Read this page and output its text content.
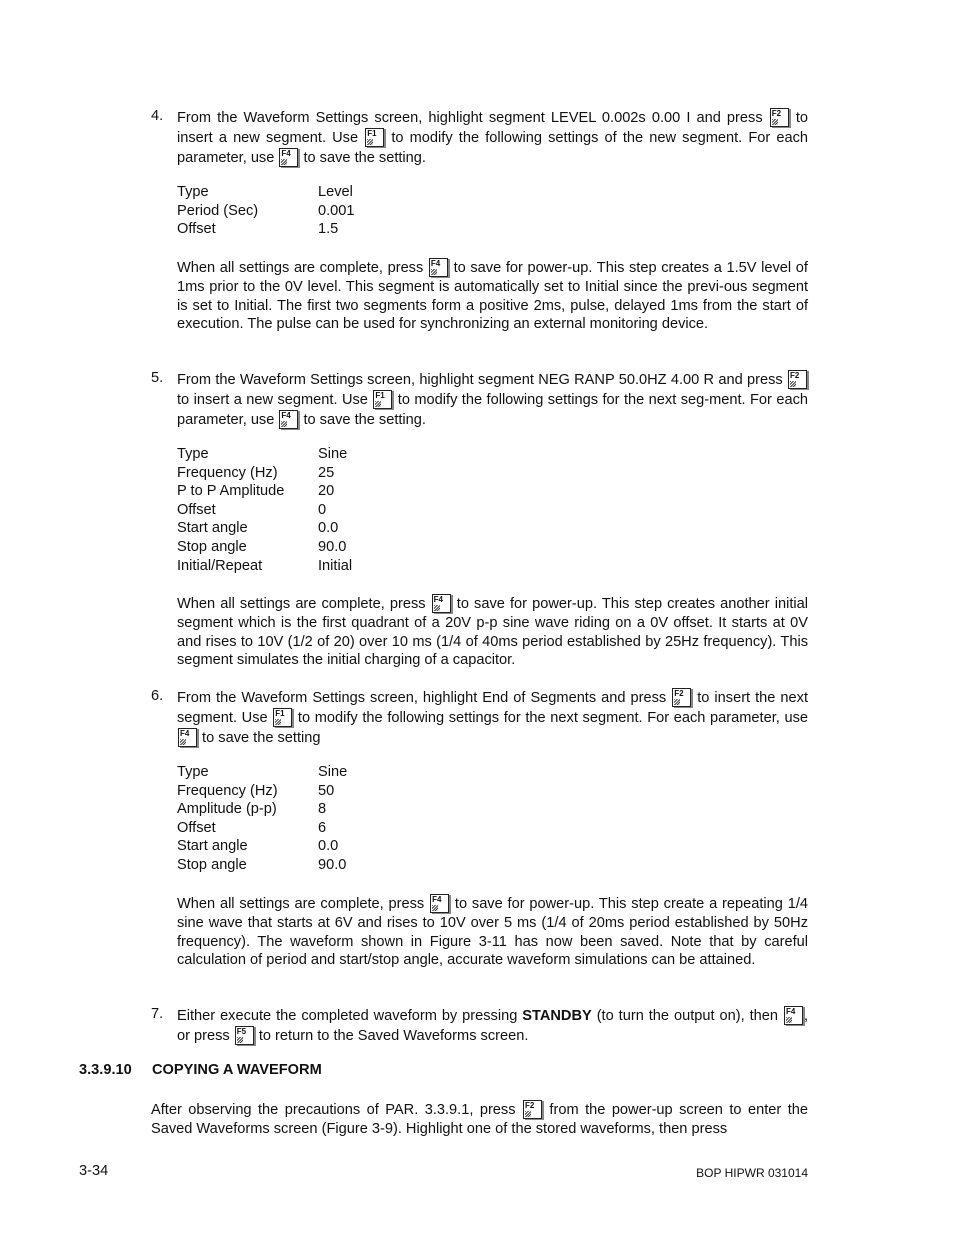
4. From the Waveform Settings screen, highlight segment LEVEL 0.002s 0.00 I and press F2 to insert a new segment. Use F1 to modify the following settings of the new segment. For each parameter, use F4 to save the setting.
Type	Level
Period (Sec)	0.001
Offset	1.5
When all settings are complete, press F4 to save for power-up. This step creates a 1.5V level of 1ms prior to the 0V level. This segment is automatically set to Initial since the previ-ous segment is set to Initial. The first two segments form a positive 2ms, pulse, delayed 1ms from the start of execution. The pulse can be used for synchronizing an external monitoring device.
5. From the Waveform Settings screen, highlight segment NEG RANP 50.0HZ 4.00 R and press F2
to insert a new segment. Use F1 to modify the following settings for the next seg-ment. For each parameter, use F4 to save the setting.
Type	Sine
Frequency (Hz)	25
P to P Amplitude 20
Offset	0
Start angle	0.0
Stop angle	90.0
Initial/Repeat	Initial
When all settings are complete, press F4 to save for power-up. This step creates another initial segment which is the first quadrant of a 20V p-p sine wave riding on a 0V offset. It starts at 0V and rises to 10V (1/2 of 20) over 10 ms (1/4 of 40ms period established by 25Hz frequency). This segment simulates the initial charging of a capacitor.
6. From the Waveform Settings screen, highlight End of Segments and press F2 to insert the next segment. Use F1 to modify the following settings for the next segment. For each parameter, use
F4 to save the setting
Type	Sine
Frequency (Hz)	50
Amplitude (p-p)	8
Offset	6
Start angle	0.0
Stop angle	90.0
When all settings are complete, press F4 to save for power-up. This step create a repeating 1/4 sine wave that starts at 6V and rises to 10V over 5 ms (1/4 of 20ms period established by 50Hz frequency). The waveform shown in Figure 3-11 has now been saved. Note that by careful calculation of period and start/stop angle, accurate waveform simulations can be attained.
7. Either execute the completed waveform by pressing STANDBY (to turn the output on), then F4 , or press F5 to return to the Saved Waveforms screen.
3.3.9.10 COPYING A WAVEFORM
After observing the precautions of PAR. 3.3.9.1, press F2 from the power-up screen to enter the Saved Waveforms screen (Figure 3-9). Highlight one of the stored waveforms, then press
3-34	BOP HIPWR 031014
